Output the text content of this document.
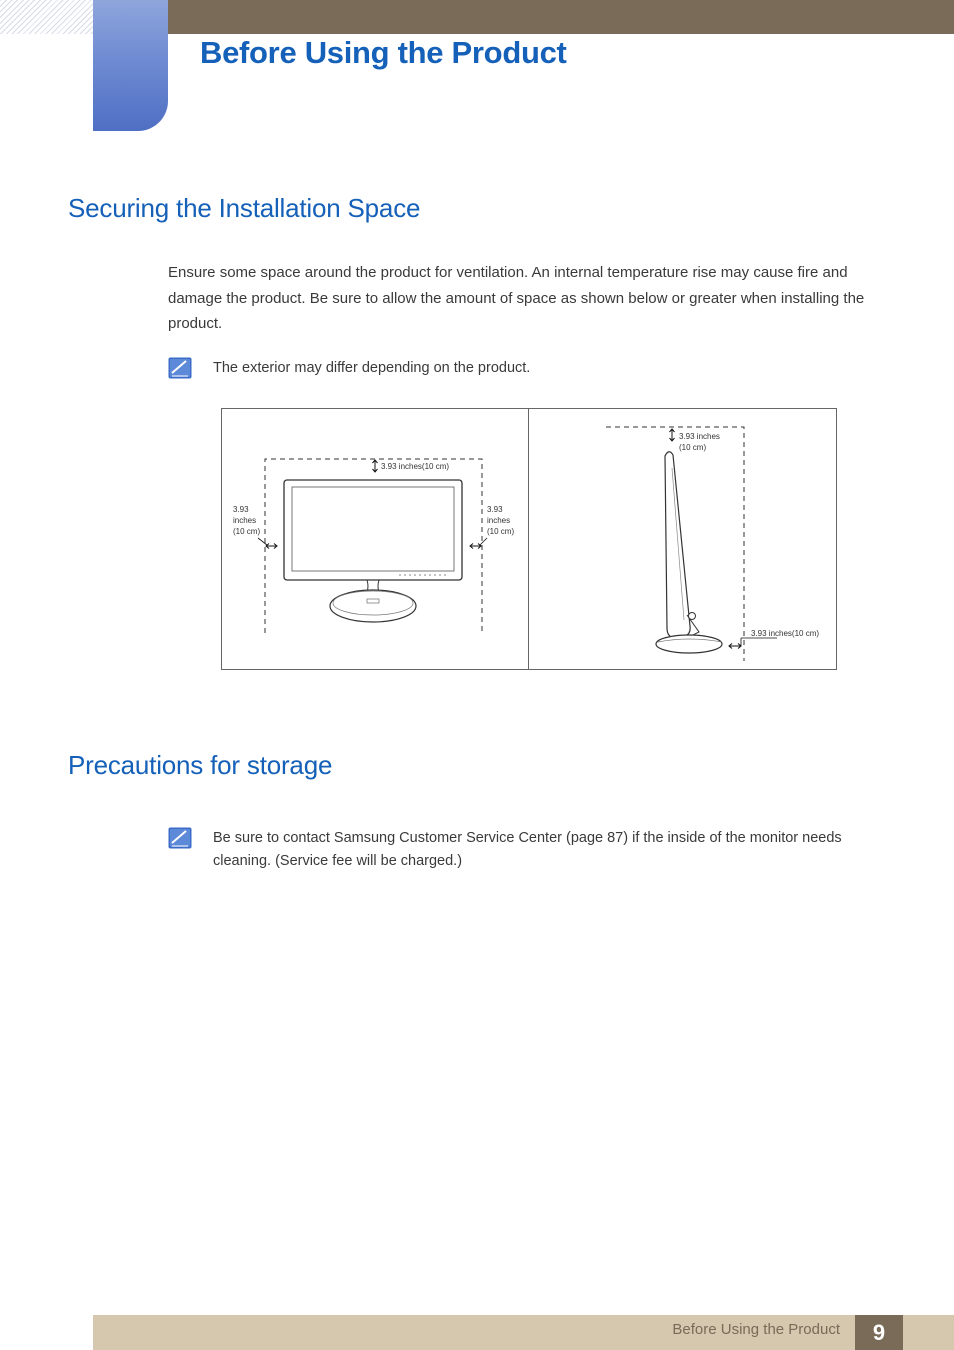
Before Using the Product
Securing the Installation Space

Ensure some space around the product for ventilation. An internal temperature rise may cause fire and damage the product. Be sure to allow the amount of space as shown below or greater when installing the product.

The exterior may differ depending on the product.

3.93 inches(10 cm)
3.93
inches
(10 cm)
3.93
inches
(10 cm)
3.93 inches
(10 cm)
3.93 inches(10 cm)
Precautions for storage

Be sure to contact Samsung Customer Service Center (page 87) if the inside of the monitor needs cleaning. (Service fee will be charged.)

Before Using the Product	9
